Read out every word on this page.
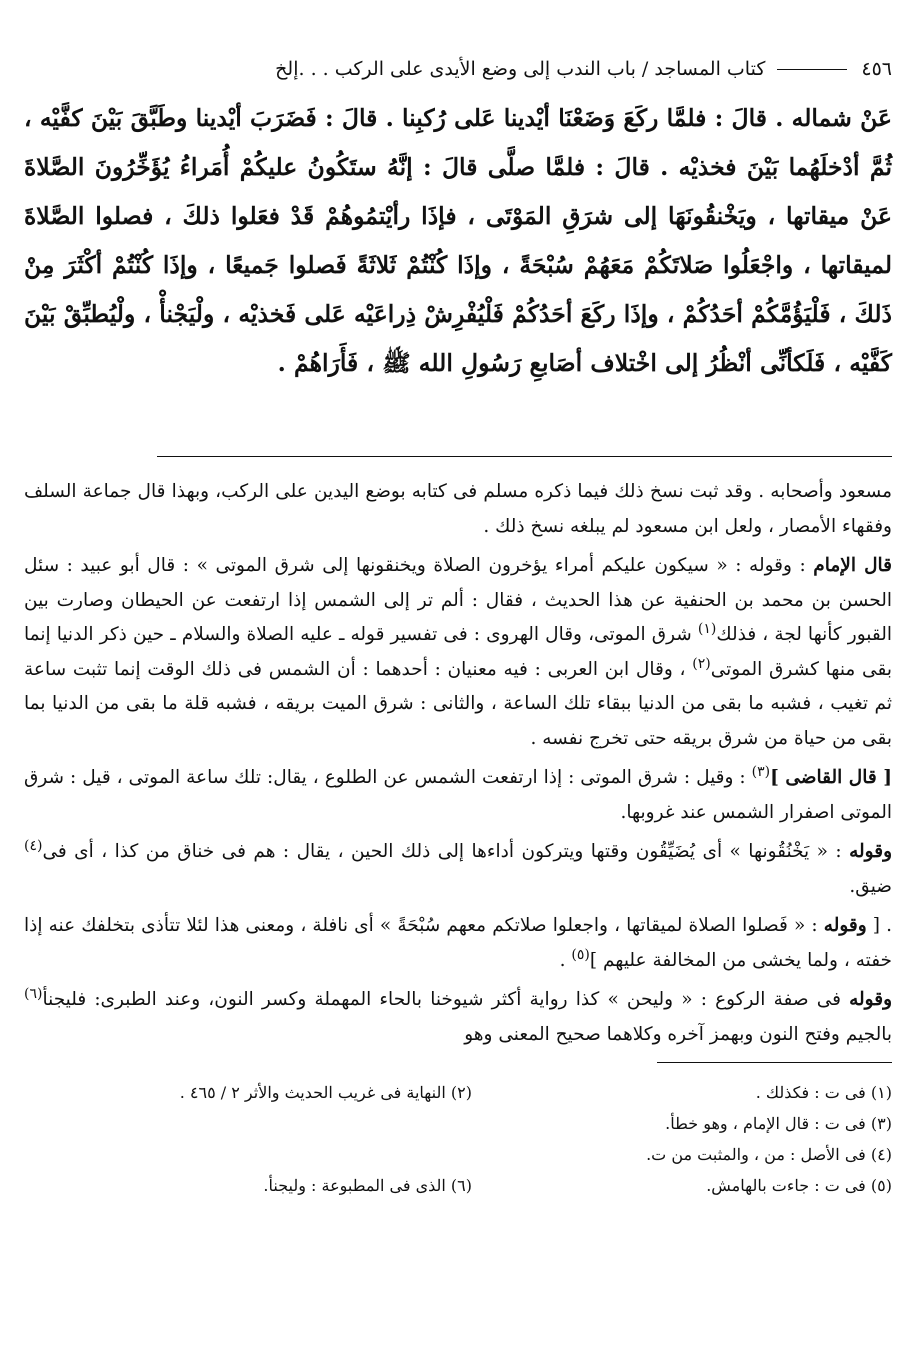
٤٥٦
كتاب المساجد / باب الندب إلى وضع الأيدى على الركب . . .إلخ
عَنْ شماله . قالَ : فلمَّا ركَعَ وَضَعْنَا أيْدينا عَلى رُكبِنا . قالَ : فَضَرَبَ أيْدينا وطَبَّقَ بَيْنَ كفَّيْه ، ثُمَّ أدْخلَهُما بَيْنَ فخذيْه . قالَ : فلمَّا صلَّى قالَ : إنَّهُ ستَكُونُ عليكُمْ أُمَراءُ يُؤَخِّرُونَ الصَّلاةَ عَنْ ميقاتها ، ويَخْنقُونَهَا إلى شرَقِ المَوْتَى ، فإذَا رأيْتمُوهُمْ قَدْ فعَلوا ذلكَ ، فصلوا الصَّلاةَ لميقاتها ، واجْعَلُوا صَلاتَكُمْ مَعَهُمْ سُبْحَةً ، وإذَا كُنْتُمْ ثَلاثَةً فَصلوا جَميعًا ، وإذَا كُنْتُمْ أكْثَرَ مِنْ ذَلكَ ، فَلْيَؤُمَّكُمْ أحَدُكُمْ ، وإذَا ركَعَ أحَدُكُمْ فَلْيُفْرِشْ ذِراعَيْه عَلى فَخذيْه ، ولْيَجْنأْ ، ولْيُطبِّقْ بَيْنَ كَفَّيْه ، فَلَكأنِّى أنْظُرُ إلى اخْتلاف أصَابعِ رَسُولِ الله ﷺ ، فَأَرَاهُمْ .

مسعود وأصحابه . وقد ثبت نسخ ذلك فيما ذكره مسلم فى كتابه بوضع اليدين على الركب، وبهذا قال جماعة السلف وفقهاء الأمصار ، ولعل ابن مسعود لم يبلغه نسخ ذلك .

قال الإمام : وقوله : « سيكون عليكم أمراء يؤخرون الصلاة ويخنقونها إلى شرق الموتى » : قال أبو عبيد : سئل الحسن بن محمد بن الحنفية عن هذا الحديث ، فقال : ألم تر إلى الشمس إذا ارتفعت عن الحيطان وصارت بين القبور كأنها لجة ، فذلك$^{(١)}$ شرق الموتى، وقال الهروى : فى تفسير قوله ـ عليه الصلاة والسلام ـ حين ذكر الدنيا إنما بقى منها كشرق الموتى$^{(٢)}$ ، وقال ابن العربى : فيه معنيان : أحدهما : أن الشمس فى ذلك الوقت إنما تثبت ساعة ثم تغيب ، فشبه ما بقى من الدنيا ببقاء تلك الساعة ، والثانى : شرق الميت بريقه ، فشبه قلة ما بقى من الدنيا بما بقى من حياة من شرق بريقه حتى تخرج نفسه .

[ قال القاضى ]$^{(٣)}$ : وقيل : شرق الموتى : إذا ارتفعت الشمس عن الطلوع ، يقال: تلك ساعة الموتى ، قيل : شرق الموتى اصفرار الشمس عند غروبها.

وقوله : « يَخْنُقُونها » أى يُضَيِّقُون وقتها ويتركون أداءها إلى ذلك الحين ، يقال : هم فى خناق من كذا ، أى فى$^{(٤)}$ ضيق.

. [ وقوله : « فَصلوا الصلاة لميقاتها ، واجعلوا صلاتكم معهم سُبْحَةً » أى نافلة ، ومعنى هذا لئلا تتأذى بتخلفك عنه إذا خفته ، ولما يخشى من المخالفة عليهم ]$^{(٥)}$ .

وقوله فى صفة الركوع : « وليحن » كذا رواية أكثر شيوخنا بالحاء المهملة وكسر النون، وعند الطبرى: فليجنأ$^{(٦)}$ بالجيم وفتح النون وبهمز آخره وكلاهما صحيح المعنى وهو

(١) فى ت : فكذلك .
(٢) النهاية فى غريب الحديث والأثر ٢ / ٤٦٥ .
(٣) فى ت : قال الإمام ، وهو خطأ.
(٤) فى الأصل : من ، والمثبت من ت.
(٥) فى ت : جاءت بالهامش.
(٦) الذى فى المطبوعة : وليجنأ.
